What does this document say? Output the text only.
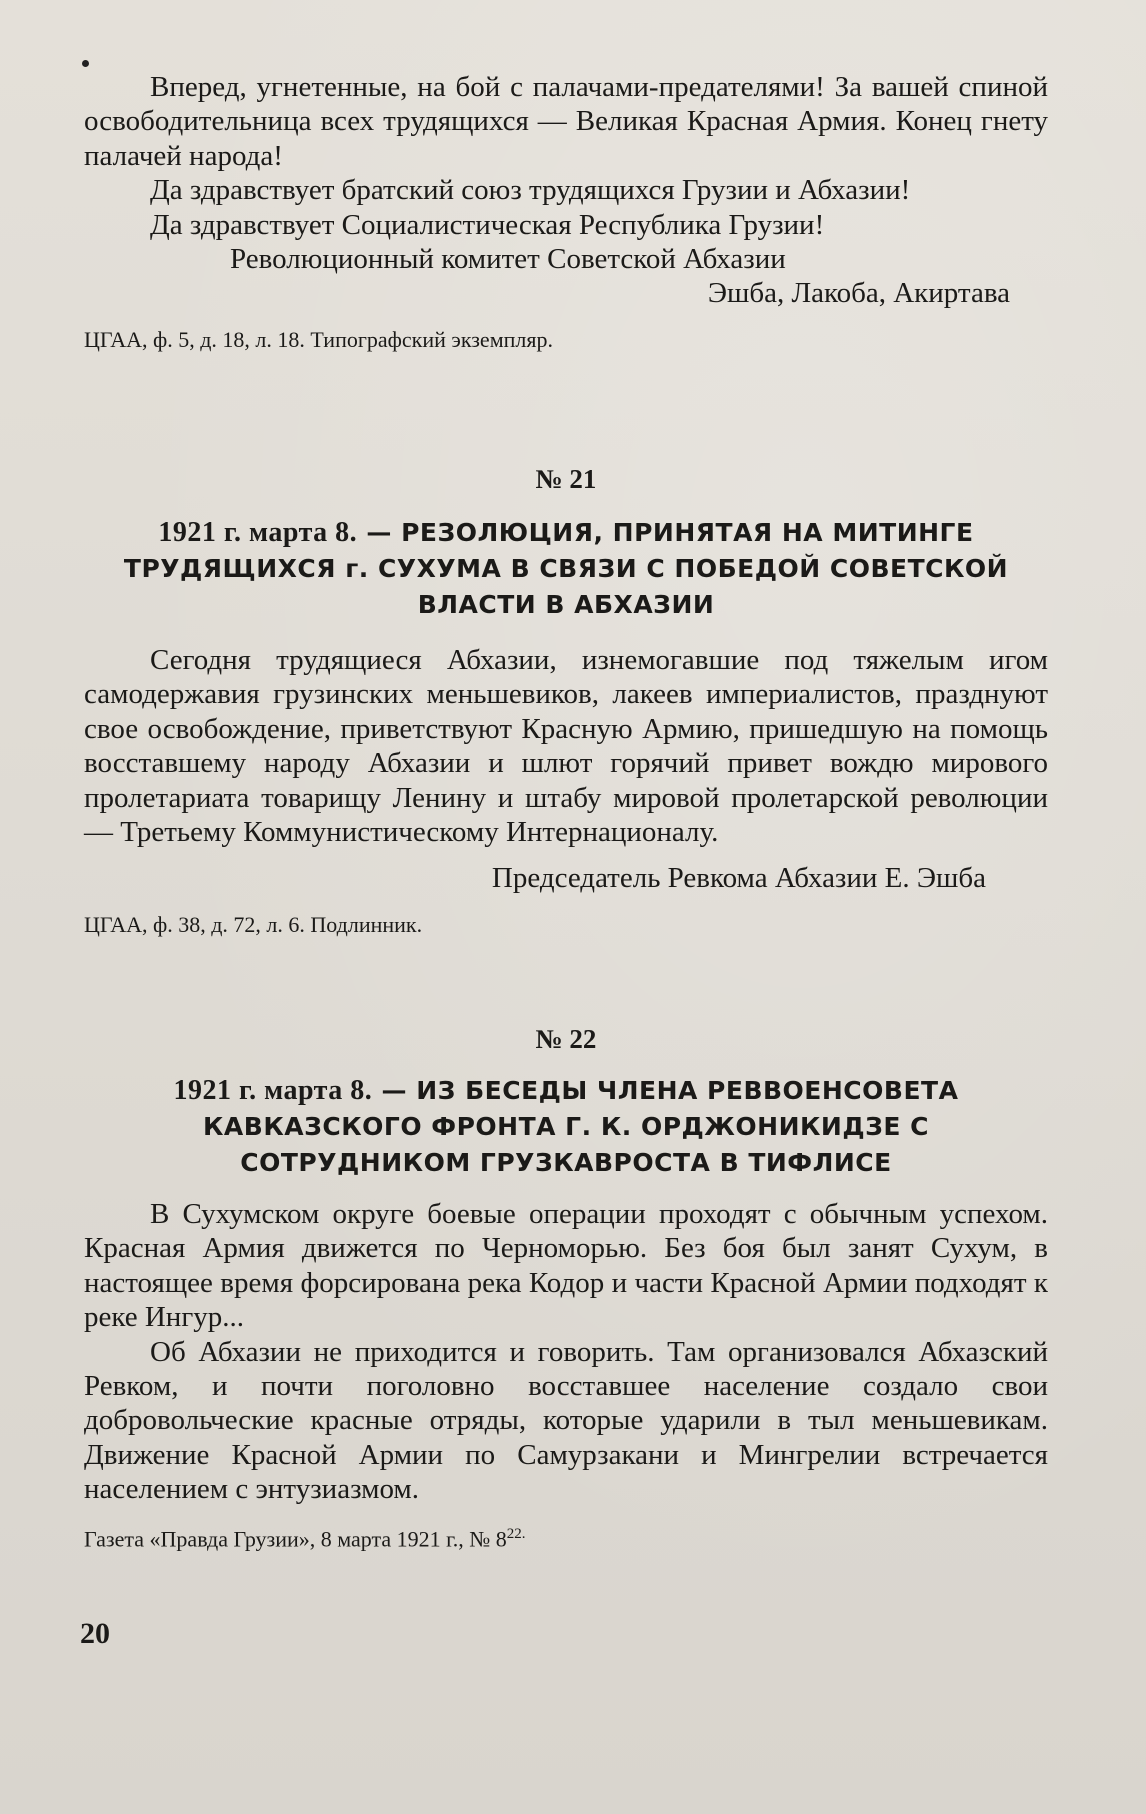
Вперед, угнетенные, на бой с палачами-предателями! За вашей спиной освободительница всех трудящихся — Великая Красная Армия. Конец гнету палачей народа!

Да здравствует братский союз трудящихся Грузии и Абхазии!

Да здравствует Социалистическая Республика Грузии!

Революционный комитет Советской Абхазии

Эшба, Лакоба, Акиртава

ЦГАА, ф. 5, д. 18, л. 18. Типографский экземпляр.

№ 21

1921 г. марта 8. — РЕЗОЛЮЦИЯ, ПРИНЯТАЯ НА МИТИНГЕ ТРУДЯЩИХСЯ г. СУХУМА В СВЯЗИ С ПОБЕДОЙ СОВЕТСКОЙ ВЛАСТИ В АБХАЗИИ

Сегодня трудящиеся Абхазии, изнемогавшие под тяжелым игом самодержавия грузинских меньшевиков, лакеев империалистов, празднуют свое освобождение, приветствуют Красную Армию, пришедшую на помощь восставшему народу Абхазии и шлют горячий привет вождю мирового пролетариата товарищу Ленину и штабу мировой пролетарской революции — Третьему Коммунистическому Интернационалу.

Председатель Ревкома Абхазии Е. Эшба

ЦГАА, ф. 38, д. 72, л. 6. Подлинник.

№ 22

1921 г. марта 8. — ИЗ БЕСЕДЫ ЧЛЕНА РЕВВОЕНСОВЕТА КАВКАЗСКОГО ФРОНТА Г. К. ОРДЖОНИКИДЗЕ С СОТРУДНИКОМ ГРУЗКАВРОСТА В ТИФЛИСЕ

В Сухумском округе боевые операции проходят с обычным успехом. Красная Армия движется по Черноморью. Без боя был занят Сухум, в настоящее время форсирована река Кодор и части Красной Армии подходят к реке Ингур...

Об Абхазии не приходится и говорить. Там организовался Абхазский Ревком, и почти поголовно восставшее население создало свои добровольческие красные отряды, которые ударили в тыл меньшевикам. Движение Красной Армии по Самурзакани и Мингрелии встречается населением с энтузиазмом.

Газета «Правда Грузии», 8 марта 1921 г., № $8^{22.}$

20
